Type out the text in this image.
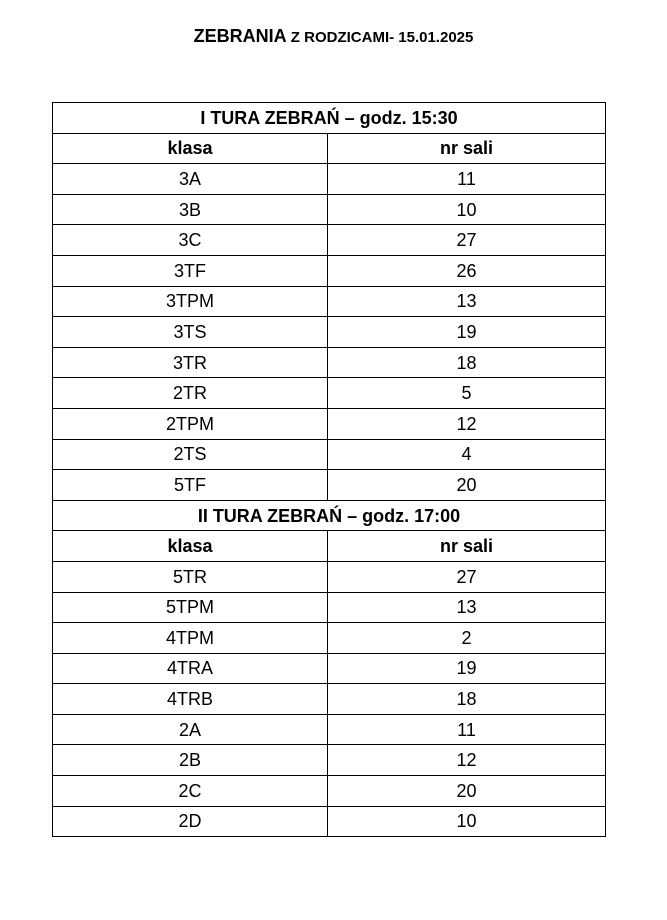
ZEBRANIA Z RODZICAMI- 15.01.2025
I TURA ZEBRAŃ – godz. 15:30	
klasa	nr sali
3A	11
3B	10
3C	27
3TF	26
3TPM	13
3TS	19
3TR	18
2TR	5
2TPM	12
2TS	4
5TF	20
II TURA ZEBRAŃ – godz. 17:00	
klasa	nr sali
5TR	27
5TPM	13
4TPM	2
4TRA	19
4TRB	18
2A	11
2B	12
2C	20
2D	10
